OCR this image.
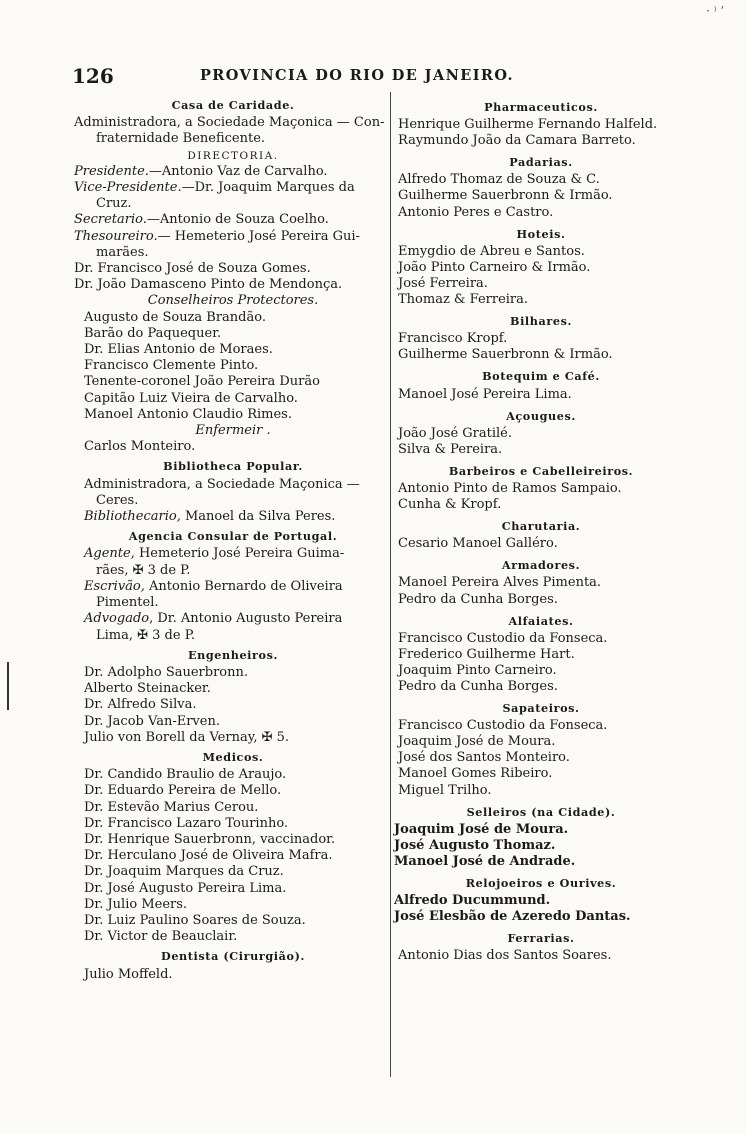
126	PROVINCIA DO RIO DE JANEIRO.
Casa de Caridade.
Administradora, a Sociedade Maçonica — Con-
fraternidade Beneficente.
DIRECTORIA.
Presidente.—Antonio Vaz de Carvalho.
Vice-Presidente.—Dr. Joaquim Marques da
Cruz.
Secretario.—Antonio de Souza Coelho.
Thesoureiro.— Hemeterio José Pereira Gui-
marães.
Dr. Francisco José de Souza Gomes.
Dr. João Damasceno Pinto de Mendonça.
Conselheiros Protectores.
Augusto de Souza Brandão.
Barão do Paquequer.
Dr. Elias Antonio de Moraes.
Francisco Clemente Pinto.
Tenente-coronel João Pereira Durão
Capitão Luiz Vieira de Carvalho.
Manoel Antonio Claudio Rimes.
Enfermeir .
Carlos Monteiro.
Bibliotheca Popular.
Administradora, a Sociedade Maçonica —
Ceres.
Bibliothecario, Manoel da Silva Peres.
Agencia Consular de Portugal.
Agente, Hemeterio José Pereira Guima-
rães, ✠ 3 de P.
Escrivão, Antonio Bernardo de Oliveira
Pimentel.
Advogado, Dr. Antonio Augusto Pereira
Lima, ✠ 3 de P.
Engenheiros.
Dr. Adolpho Sauerbronn.
Alberto Steinacker.
Dr. Alfredo Silva.
Dr. Jacob Van-Erven.
Julio von Borell da Vernay, ✠ 5.
Medicos.
Dr. Candido Braulio de Araujo.
Dr. Eduardo Pereira de Mello.
Dr. Estevão Marius Cerou.
Dr. Francisco Lazaro Tourinho.
Dr. Henrique Sauerbronn, vaccinador.
Dr. Herculano José de Oliveira Mafra.
Dr. Joaquim Marques da Cruz.
Dr. José Augusto Pereira Lima.
Dr. Julio Meers.
Dr. Luiz Paulino Soares de Souza.
Dr. Victor de Beauclair.
Dentista (Cirurgião).
Julio Moffeld.
Pharmaceuticos.
Henrique Guilherme Fernando Halfeld.
Raymundo João da Camara Barreto.
Padarias.
Alfredo Thomaz de Souza & C.
Guilherme Sauerbronn & Irmão.
Antonio Peres e Castro.
Hoteis.
Emygdio de Abreu e Santos.
João Pinto Carneiro & Irmão.
José Ferreira.
Thomaz & Ferreira.
Bilhares.
Francisco Kropf.
Guilherme Sauerbronn & Irmão.
Botequim e Café.
Manoel José Pereira Lima.
Açougues.
João José Gratilé.
Silva & Pereira.
Barbeiros e Cabelleireiros.
Antonio Pinto de Ramos Sampaio.
Cunha & Kropf.
Charutaria.
Cesario Manoel Galléro.
Armadores.
Manoel Pereira Alves Pimenta.
Pedro da Cunha Borges.
Alfaiates.
Francisco Custodio da Fonseca.
Frederico Guilherme Hart.
Joaquim Pinto Carneiro.
Pedro da Cunha Borges.
Sapateiros.
Francisco Custodio da Fonseca.
Joaquim José de Moura.
José dos Santos Monteiro.
Manoel Gomes Ribeiro.
Miguel Trilho.
Selleiros (na Cidade).
Joaquim José de Moura.
José Augusto Thomaz.
Manoel José de Andrade.
Relojoeiros e Ourives.
Alfredo Ducummund.
José Elesbão de Azeredo Dantas.
Ferrarias.
Antonio Dias dos Santos Soares.
· ⁾ ’
